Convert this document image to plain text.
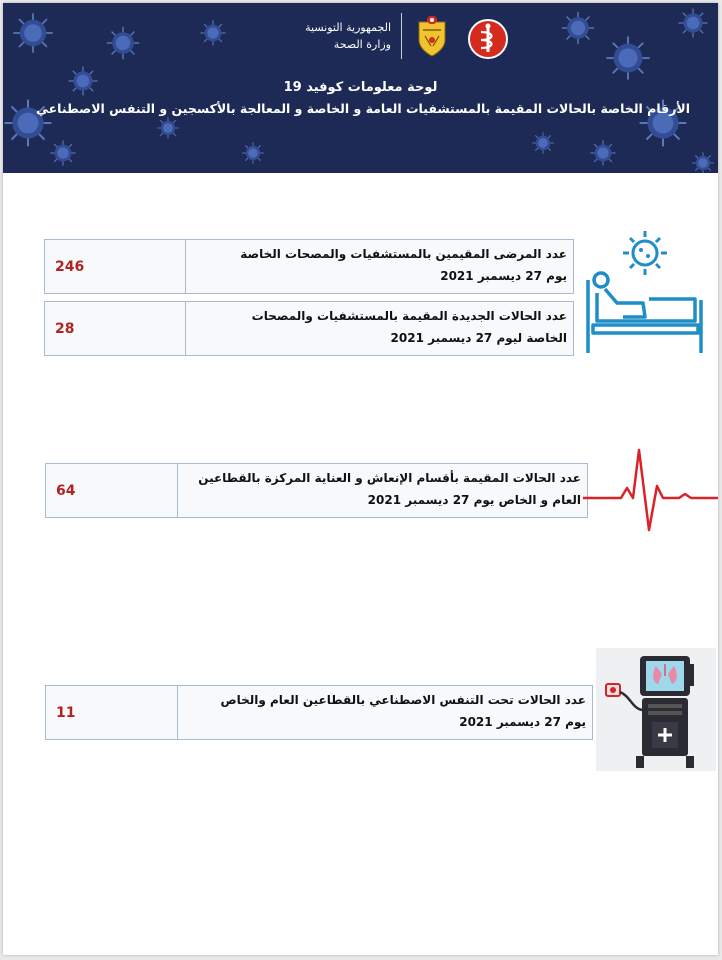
الجمهورية التونسية
وزارة الصحة
لوحة معلومات كوفيد 19
الأرقام الخاصة بالحالات المقيمة بالمستشفيات العامة و الخاصة و المعالجة بالأكسجين و التنفس الاصطناعي
246
عدد المرضى المقيمين بالمستشفيات والمصحات الخاصة
يوم 27 ديسمبر 2021
28
عدد الحالات الجديدة المقيمة بالمستشفيات والمصحات
الخاصة ليوم 27 ديسمبر 2021
64
عدد الحالات المقيمة بأقسام الإنعاش و العناية المركزة بالقطاعين
العام و الخاص يوم 27 ديسمبر 2021
11
عدد الحالات تحت التنفس الاصطناعي بالقطاعين العام والخاص
يوم 27 ديسمبر 2021
